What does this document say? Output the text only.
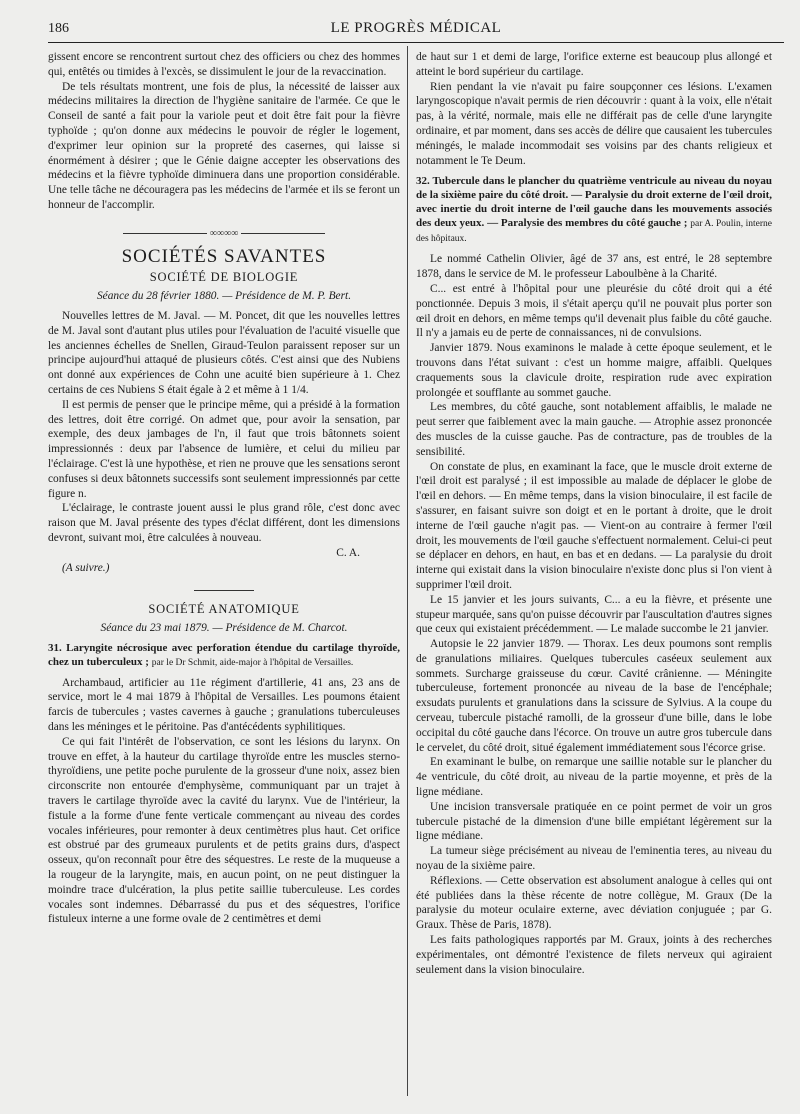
186	LE PROGRÈS MÉDICAL

gissent encore se rencontrent surtout chez des officiers ou chez des hommes qui, entêtés ou timides à l'excès, se dissimulent le jour de la revaccination.

De tels résultats montrent, une fois de plus, la nécessité de laisser aux médecins militaires la direction de l'hygiène sanitaire de l'armée. Ce que le Conseil de santé a fait pour la variole peut et doit être fait pour la fièvre typhoïde ; qu'on donne aux médecins le pouvoir de régler le logement, d'exprimer leur opinion sur la propreté des casernes, qui laisse si énormément à désirer ; que le Génie daigne accepter les observations des médecins et la fièvre typhoïde diminuera dans une proportion considérable. Une telle tâche ne découragera pas les médecins de l'armée et ils se feront un honneur de l'accomplir.

∞∞∞∞
SOCIÉTÉS SAVANTES
SOCIÉTÉ DE BIOLOGIE
Séance du 28 février 1880. — Présidence de M. P. Bert.

Nouvelles lettres de M. Javal. — M. Poncet, dit que les nouvelles lettres de M. Javal sont d'autant plus utiles pour l'évaluation de l'acuité visuelle que les anciennes échelles de Snellen, Giraud-Teulon paraissent reposer sur un principe aujourd'hui attaqué de plusieurs côtés. C'est ainsi que des Nubiens ont donné aux expériences de Cohn une acuité bien supérieure à 1. Chez certains de ces Nubiens S était égale à 2 et même à 1 1/4.

Il est permis de penser que le principe même, qui a présidé à la formation des lettres, doit être corrigé. On admet que, pour avoir la sensation, par exemple, des deux jambages de l'n, il faut que trois bâtonnets soient impressionnés : deux par l'absence de lumière, et celui du milieu par l'éclairage. C'est là une hypothèse, et rien ne prouve que les sensations seront confuses si deux bâtonnets successifs sont seulement impressionnés par cette figure n.

L'éclairage, le contraste jouent aussi le plus grand rôle, c'est donc avec raison que M. Javal présente des types d'éclat différent, dont les dimensions devront, suivant moi, être calculées à nouveau.

C. A.

(A suivre.)

SOCIÉTÉ ANATOMIQUE
Séance du 23 mai 1879. — Présidence de M. Charcot.

31. Laryngite nécrosique avec perforation étendue du cartilage thyroïde, chez un tuberculeux ; par le Dr Schmit, aide-major à l'hôpital de Versailles.

Archambaud, artificier au 11e régiment d'artillerie, 41 ans, 23 ans de service, mort le 4 mai 1879 à l'hôpital de Versailles. Les poumons étaient farcis de tubercules ; vastes cavernes à gauche ; granulations tuberculeuses dans les méninges et le péritoine. Pas d'antécédents syphilitiques.

Ce qui fait l'intérêt de l'observation, ce sont les lésions du larynx. On trouve en effet, à la hauteur du cartilage thyroïde entre les muscles sterno-thyroïdiens, une petite poche purulente de la grosseur d'une noix, assez bien circonscrite non entourée d'emphysème, communiquant par un trajet à travers le cartilage thyroïde avec la cavité du larynx. Vue de l'intérieur, la fistule a la forme d'une fente verticale commençant au niveau des cordes vocales inférieures, pour remonter à deux centimètres plus haut. Cet orifice est obstrué par des grumeaux purulents et de petits grains durs, d'aspect osseux, qu'on reconnaît pour être des séquestres. Le reste de la muqueuse a la rougeur de la laryngite, mais, en aucun point, on ne peut distinguer la moindre trace d'ulcération, la plus petite saillie tuberculeuse. Les cordes vocales sont indemnes. Débarrassé du pus et des séquestres, l'orifice fistuleux interne a une forme ovale de 2 centimètres et demi

de haut sur 1 et demi de large, l'orifice externe est beaucoup plus allongé et atteint le bord supérieur du cartilage.

Rien pendant la vie n'avait pu faire soupçonner ces lésions. L'examen laryngoscopique n'avait permis de rien découvrir : quant à la voix, elle n'était pas, à la vérité, normale, mais elle ne différait pas de celle d'une laryngite ordinaire, et par moment, dans ses accès de délire que causaient les tubercules méningés, le malade incommodait ses voisins par des chants religieux et notamment le Te Deum.

32. Tubercule dans le plancher du quatrième ventricule au niveau du noyau de la sixième paire du côté droit. — Paralysie du droit externe de l'œil droit, avec inertie du droit interne de l'œil gauche dans les mouvements associés des deux yeux. — Paralysie des membres du côté gauche ; par A. Poulin, interne des hôpitaux.

Le nommé Cathelin Olivier, âgé de 37 ans, est entré, le 28 septembre 1878, dans le service de M. le professeur Laboulbène à la Charité.

C... est entré à l'hôpital pour une pleurésie du côté droit qui a été ponctionnée. Depuis 3 mois, il s'était aperçu qu'il ne pouvait plus porter son œil droit en dehors, en même temps qu'il devenait plus faible du côté gauche. Il n'y a jamais eu de perte de connaissances, ni de convulsions.

Janvier 1879. Nous examinons le malade à cette époque seulement, et le trouvons dans l'état suivant : c'est un homme maigre, affaibli. Quelques craquements sous la clavicule droite, respiration rude avec expiration prolongée et soufflante au sommet gauche.

Les membres, du côté gauche, sont notablement affaiblis, le malade ne peut serrer que faiblement avec la main gauche. — Atrophie assez prononcée des muscles de la cuisse gauche. Pas de contracture, pas de troubles de la sensibilité.

On constate de plus, en examinant la face, que le muscle droit externe de l'œil droit est paralysé ; il est impossible au malade de déplacer le globe de l'œil en dehors. — En même temps, dans la vision binoculaire, il est facile de s'assurer, en faisant suivre son doigt et en le portant à droite, que le droit interne de l'œil gauche n'agit pas. — Vient-on au contraire à fermer l'œil droit, les mouvements de l'œil gauche s'effectuent normalement. Celui-ci peut se déplacer en dehors, en haut, en bas et en dedans. — La paralysie du droit interne qui existait dans la vision binoculaire n'existe donc plus si l'on vient à supprimer l'œil droit.

Le 15 janvier et les jours suivants, C... a eu la fièvre, et présente une stupeur marquée, sans qu'on puisse découvrir par l'auscultation d'autres signes que ceux qui existaient précédemment. — Le malade succombe le 21 janvier.

Autopsie le 22 janvier 1879. — Thorax. Les deux poumons sont remplis de granulations miliaires. Quelques tubercules caséeux seulement aux sommets. Surcharge graisseuse du cœur. Cavité crânienne. — Méningite tuberculeuse, fortement prononcée au niveau de la base de l'encéphale; exsudats purulents et granulations dans la scissure de Sylvius. A la coupe du cerveau, tubercule pistaché ramolli, de la grosseur d'une bille, dans le lobe occipital du côté gauche dans l'écorce. On trouve un autre gros tubercule dans le cervelet, du côté droit, situé également immédiatement sous l'écorce grise.

En examinant le bulbe, on remarque une saillie notable sur le plancher du 4e ventricule, du côté droit, au niveau de la partie moyenne, et près de la ligne médiane.

Une incision transversale pratiquée en ce point permet de voir un gros tubercule pistaché de la dimension d'une bille empiétant légèrement sur la ligne médiane.

La tumeur siège précisément au niveau de l'eminentia teres, au niveau du noyau de la sixième paire.

Réflexions. — Cette observation est absolument analogue à celles qui ont été publiées dans la thèse récente de notre collègue, M. Graux (De la paralysie du moteur oculaire externe, avec déviation conjuguée ; par G. Graux. Thèse de Paris, 1878).

Les faits pathologiques rapportés par M. Graux, joints à des recherches expérimentales, ont démontré l'existence de filets nerveux qui agiraient seulement dans la vision binoculaire.
